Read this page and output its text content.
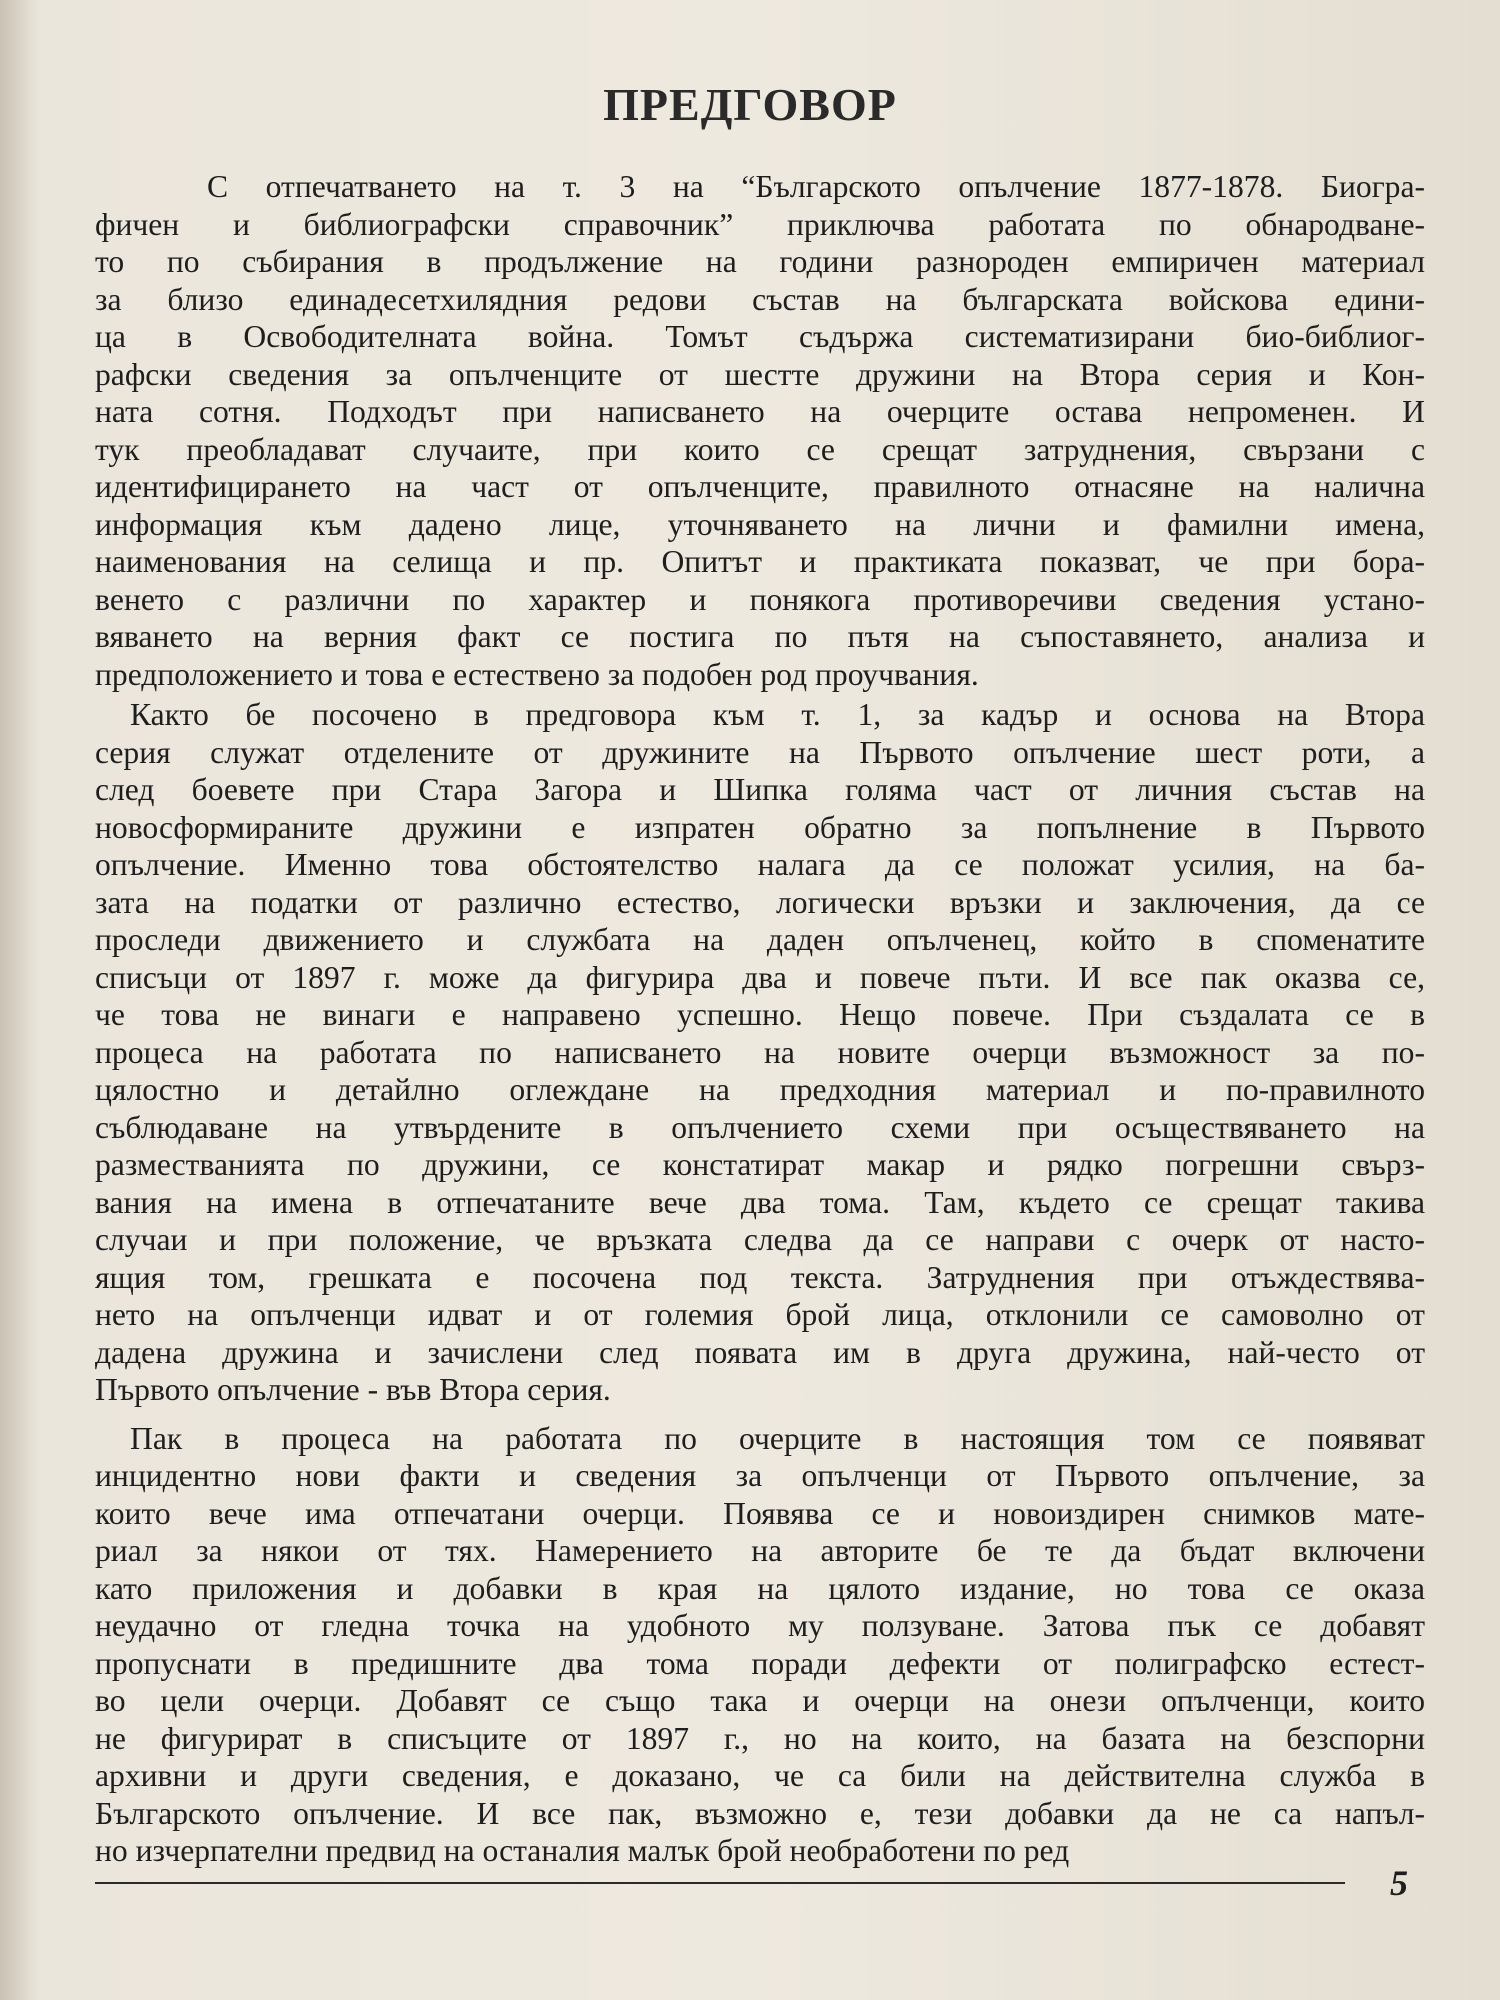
ПРЕДГОВОР

С отпечатването на т. 3 на “Българското опълчение 1877-1878. Биогра-
фичен и библиографски справочник” приключва работата по обнародване-
то по събирания в продължение на години разнороден емпиричен материал
за близо единадесетхилядния редови състав на българската войскова едини-
ца в Освободителната война. Томът съдържа систематизирани био-библиог-
рафски сведения за опълченците от шестте дружини на Втора серия и Кон-
ната сотня. Подходът при написването на очерците остава непроменен. И
тук преобладават случаите, при които се срещат затруднения, свързани с
идентифицирането на част от опълченците, правилното отнасяне на налична
информация към дадено лице, уточняването на лични и фамилни имена,
наименования на селища и пр. Опитът и практиката показват, че при бора-
вeнето с различни по характер и понякога противоречиви сведения устано-
вяването на верния факт се постига по пътя на съпоставянето, анализа и
предположението и това е естествено за подобен род проучвания.

Както бе посочено в предговора към т. 1, за кадър и основа на Втора
серия служат отделените от дружините на Първото опълчение шест роти, а
след боевете при Стара Загора и Шипка голяма част от личния състав на
новосформираните дружини е изпратен обратно за попълнение в Първото
опълчение. Именно това обстоятелство налага да се положат усилия, на ба-
зата на податки от различно естество, логически връзки и заключения, да се
проследи движението и службата на даден опълченец, който в споменатите
списъци от 1897 г. може да фигурира два и повече пъти. И все пак оказва се,
че това не винаги е направено успешно. Нещо повече. При създалата се в
процеса на работата по написването на новите очерци възможност за по-
цялостно и детайлно оглеждане на предходния материал и по-правилното
съблюдаване на утвърдените в опълчението схеми при осъществяването на
разместванията по дружини, се констатират макар и рядко погрешни свърз-
вания на имена в отпечатаните вече два тома. Там, където се срещат такива
случаи и при положение, че връзката следва да се направи с очерк от насто-
ящия том, грешката е посочена под текста. Затруднения при отъждествява-
нето на опълченци идват и от големия брой лица, отклонили се самоволно от
дадена дружина и зачислени след появата им в друга дружина, най-често от
Първото опълчение - във Втора серия.

Пак в процеса на работата по очерците в настоящия том се появяват
инцидентно нови факти и сведения за опълченци от Първото опълчение, за
които вече има отпечатани очерци. Появява се и новоиздирен снимков мате-
риал за някои от тях. Намерението на авторите бе те да бъдат включени
като приложения и добавки в края на цялото издание, но това се оказа
неудачно от гледна точка на удобното му ползуване. Затова пък се добавят
пропуснати в предишните два тома поради дефекти от полиграфско естест-
во цели очерци. Добавят се също така и очерци на онези опълченци, които
не фигурират в списъците от 1897 г., но на които, на базата на безспорни
архивни и други сведения, е доказано, че са били на действителна служба в
Българското опълчение. И все пак, възможно е, тези добавки да не са напъл-
но изчерпателни предвид на останалия малък брой необработени по ред

5
